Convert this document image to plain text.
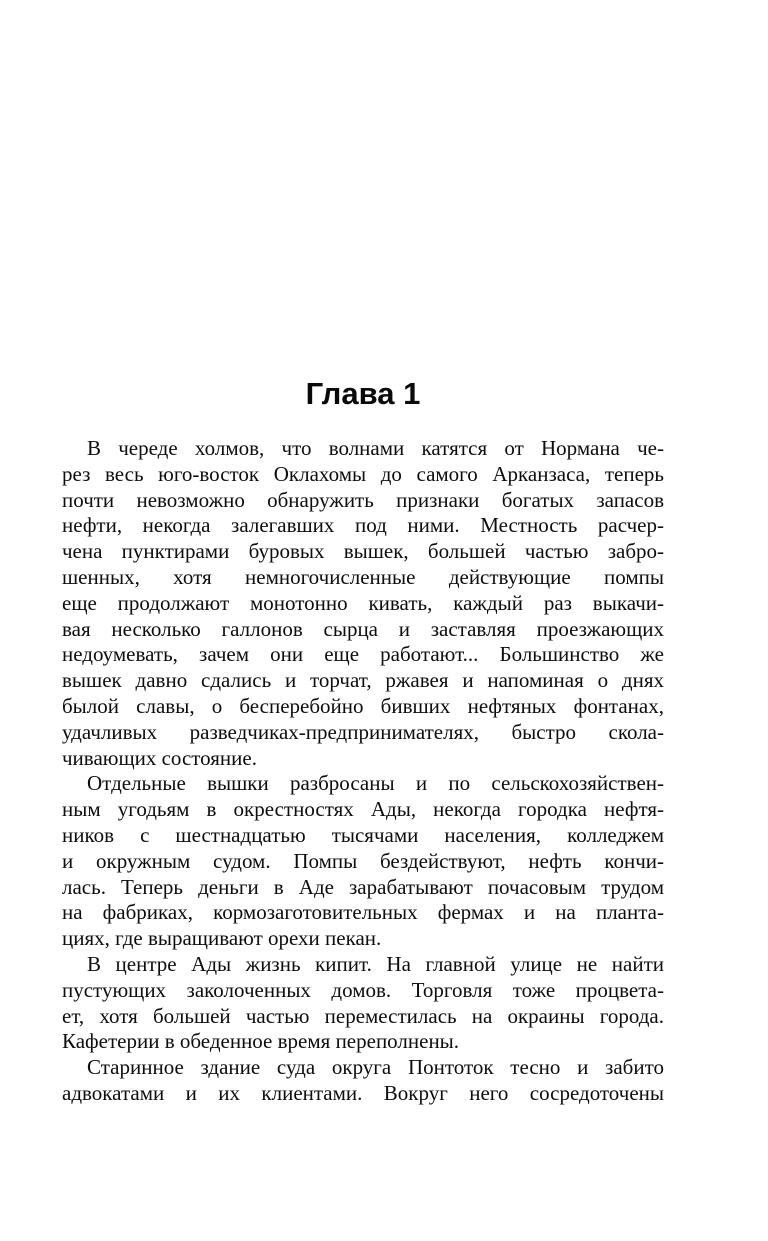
Глава 1
В череде холмов, что волнами катятся от Нормана че-
рез весь юго-восток Оклахомы до самого Арканзаса, теперь
почти невозможно обнаружить признаки богатых запасов
нефти, некогда залегавших под ними. Местность расчер-
чена пунктирами буровых вышек, большей частью забро-
шенных, хотя немногочисленные действующие помпы
еще продолжают монотонно кивать, каждый раз выкачи-
вая несколько галлонов сырца и заставляя проезжающих
недоумевать, зачем они еще работают... Большинство же
вышек давно сдались и торчат, ржавея и напоминая о днях
былой славы, о бесперебойно бивших нефтяных фонтанах,
удачливых разведчиках-предпринимателях, быстро скола-
чивающих состояние.
Отдельные вышки разбросаны и по сельскохозяйствен-
ным угодьям в окрестностях Ады, некогда городка нефтя-
ников с шестнадцатью тысячами населения, колледжем
и окружным судом. Помпы бездействуют, нефть кончи-
лась. Теперь деньги в Аде зарабатывают почасовым трудом
на фабриках, кормозаготовительных фермах и на планта-
циях, где выращивают орехи пекан.
В центре Ады жизнь кипит. На главной улице не найти
пустующих заколоченных домов. Торговля тоже процвета-
ет, хотя большей частью переместилась на окраины города.
Кафетерии в обеденное время переполнены.
Старинное здание суда округа Понтоток тесно и забито
адвокатами и их клиентами. Вокруг него сосредоточены
